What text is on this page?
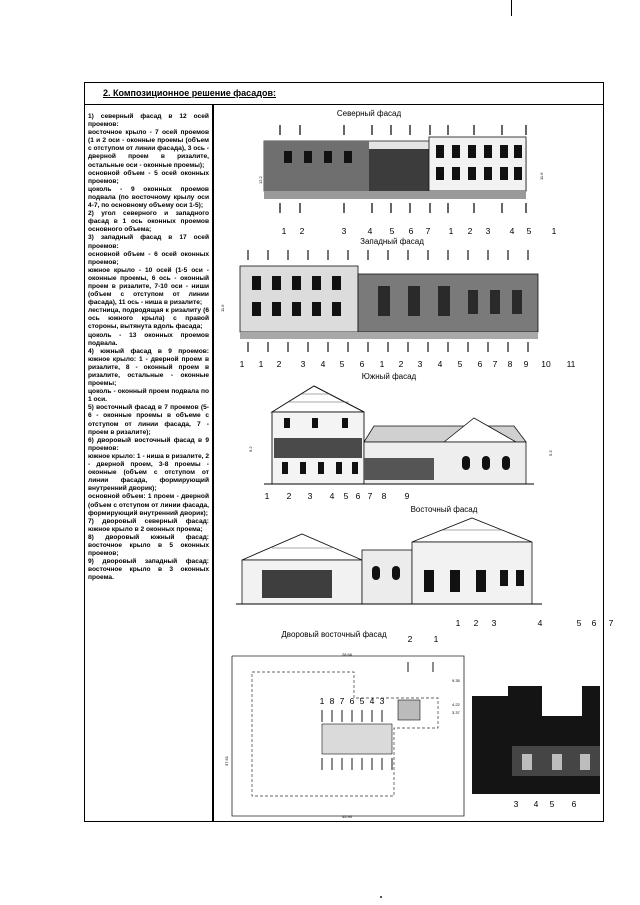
2. Композиционное решение фасадов:

1) северный фасад в 12 осей проемов:

восточное крыло - 7 осей проемов (1 и 2 оси - оконные проемы (объем с отступом от линии фасада), 3 ось - дверной проем в ризалите, остальные оси - оконные проемы);

основной объем - 5 осей оконных проемов;

цоколь - 9 оконных проемов подвала (по восточному крылу оси 4-7, по основному объему оси 1-5);

2) угол северного и западного фасад в 1 ось оконных проемов основного объема;

3) западный фасад в 17 осей проемов:

основной объем - 6 осей оконных проемов;

южное крыло - 10 осей (1-5 оси - оконные проемы, 6 ось - оконный проем в ризалите, 7-10 оси - ниши (объем с отступом от линии фасада), 11 ось - ниша в ризалите;

лестница, подводящая к ризалиту (6 ось южного крыла) с правой стороны, вытянута вдоль фасада;

цоколь - 13 оконных проемов подвала.

4) южный фасад в 9 проемов: южное крыло: 1 - дверной проем в ризалите, 8 - оконный проем в ризалите, остальные - оконные проемы;

цоколь - оконный проем подвала по 1 оси.

5) восточный фасад в 7 проемов (5-6 - оконные проемы в объеме с отступом от линии фасада, 7 - проем в ризалите);

6) дворовый восточный фасад в 9 проемов:

южное крыло: 1 - ниша в ризалите, 2 - дверной проем, 3-8 проемы - оконные (объем с отступом от линии фасада, формирующий внутренний дворик);

основной объем: 1 проем - дверной (объем с отступом от линии фасада, формирующий внутренний дворик);

7) дворовый северный фасад: южное крыло в 2 оконных проема;

8) дворовый южный фасад: восточное крыло в 5 оконных проемов;

9) дворовый западный фасад: восточное крыло в 3 оконных проема.

Северный фасад
12.2	9.3	11.6
1 2	3	4 5 6 7 1 2 3 4 5 1
Западный фасад
11.6
1 1 2 3 4 5 6 1 2 3 4 5 6 7 8 9 10 11
Южный фасад
9.2
5.3
1 2 3 4 5 6 7 8 9
Восточный фасад
1 2 3	4	5 6 7
Дворовый восточный фасад
28.66
9.35
37.61
45.90
4.22
3.37
2	1
1 8 7 6 5 4 3
3 4 5 6
